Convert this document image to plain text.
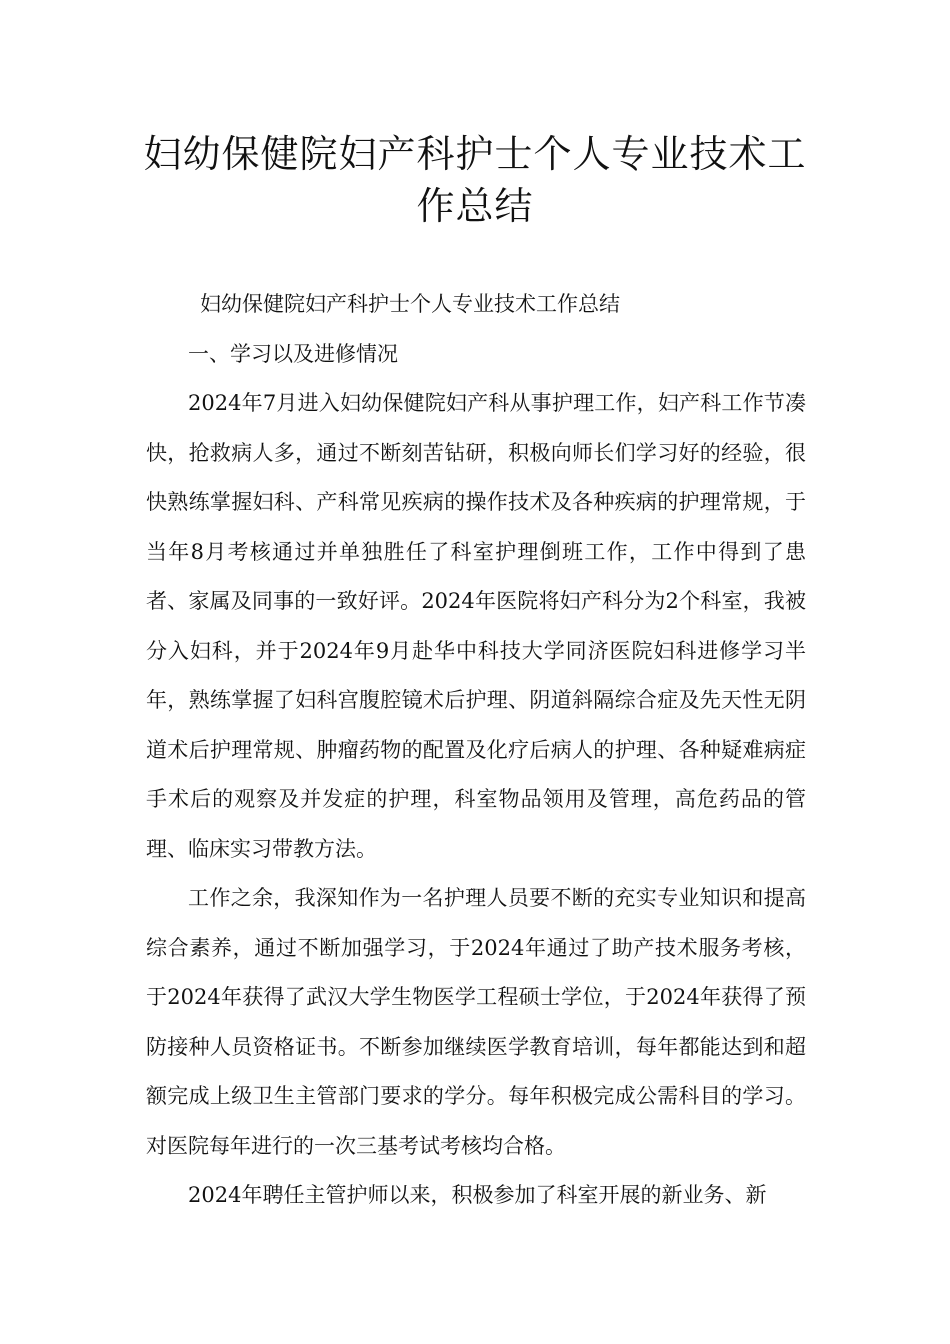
妇幼保健院妇产科护士个人专业技术工作总结

妇幼保健院妇产科护士个人专业技术工作总结

一、学习以及进修情况

2024年7月进入妇幼保健院妇产科从事护理工作，妇产科工作节凑快，抢救病人多，通过不断刻苦钻研，积极向师长们学习好的经验，很快熟练掌握妇科、产科常见疾病的操作技术及各种疾病的护理常规，于当年8月考核通过并单独胜任了科室护理倒班工作，工作中得到了患者、家属及同事的一致好评。2024年医院将妇产科分为2个科室，我被分入妇科，并于2024年9月赴华中科技大学同济医院妇科进修学习半年，熟练掌握了妇科宫腹腔镜术后护理、阴道斜隔综合症及先天性无阴道术后护理常规、肿瘤药物的配置及化疗后病人的护理、各种疑难病症手术后的观察及并发症的护理，科室物品领用及管理，高危药品的管理、临床实习带教方法。

工作之余，我深知作为一名护理人员要不断的充实专业知识和提高综合素养，通过不断加强学习，于2024年通过了助产技术服务考核，于2024年获得了武汉大学生物医学工程硕士学位，于2024年获得了预防接种人员资格证书。不断参加继续医学教育培训，每年都能达到和超额完成上级卫生主管部门要求的学分。每年积极完成公需科目的学习。对医院每年进行的一次三基考试考核均合格。

2024年聘任主管护师以来，积极参加了科室开展的新业务、新
